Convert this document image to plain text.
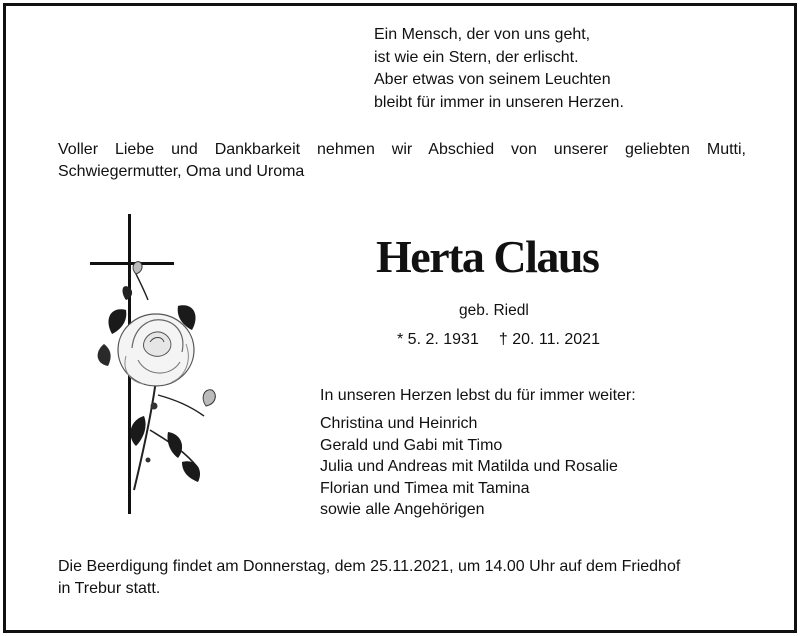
Ein Mensch, der von uns geht,
ist wie ein Stern, der erlischt.
Aber etwas von seinem Leuchten
bleibt für immer in unseren Herzen.
Voller Liebe und Dankbarkeit nehmen wir Abschied von unserer geliebten Mutti,
Schwiegermutter, Oma und Uroma
Herta Claus
geb. Riedl
* 5. 2. 1931 † 20. 11. 2021
In unseren Herzen lebst du für immer weiter:
Christina und Heinrich
Gerald und Gabi mit Timo
Julia und Andreas mit Matilda und Rosalie
Florian und Timea mit Tamina
sowie alle Angehörigen
Die Beerdigung findet am Donnerstag, dem 25.11.2021, um 14.00 Uhr auf dem Friedhof
in Trebur statt.
